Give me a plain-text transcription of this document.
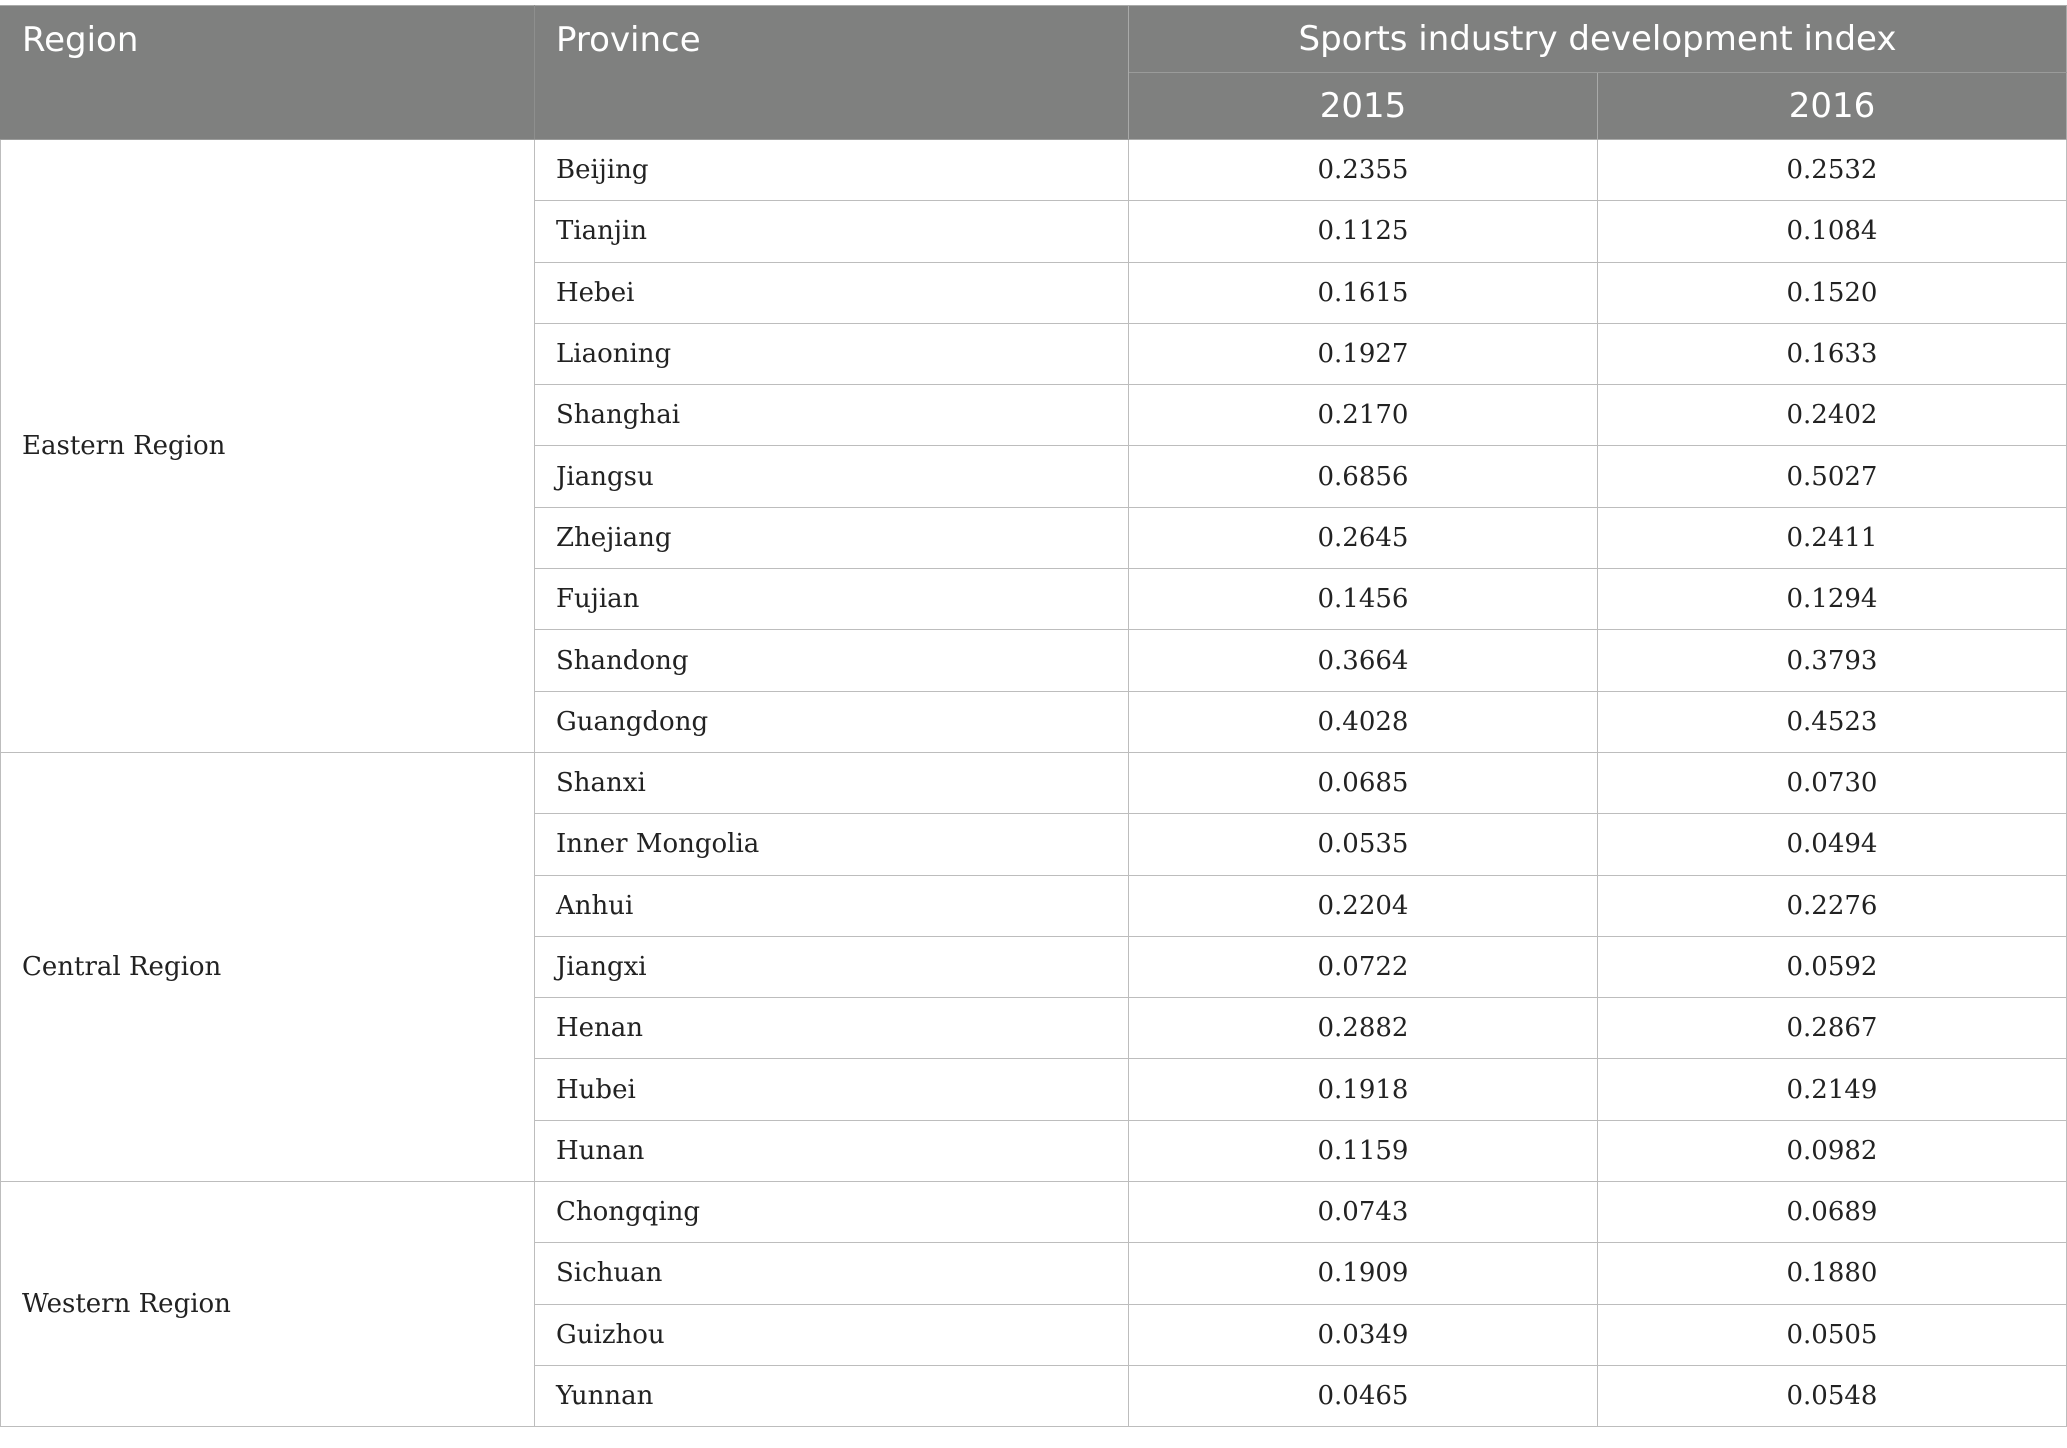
Region	Province	Sports industry development index	
		2015	2016
Eastern Region	Beijing	0.2355	0.2532
	Tianjin	0.1125	0.1084
	Hebei	0.1615	0.1520
	Liaoning	0.1927	0.1633
	Shanghai	0.2170	0.2402
	Jiangsu	0.6856	0.5027
	Zhejiang	0.2645	0.2411
	Fujian	0.1456	0.1294
	Shandong	0.3664	0.3793
	Guangdong	0.4028	0.4523
Central Region	Shanxi	0.0685	0.0730
	Inner Mongolia	0.0535	0.0494
	Anhui	0.2204	0.2276
	Jiangxi	0.0722	0.0592
	Henan	0.2882	0.2867
	Hubei	0.1918	0.2149
	Hunan	0.1159	0.0982
Western Region	Chongqing	0.0743	0.0689
	Sichuan	0.1909	0.1880
	Guizhou	0.0349	0.0505
	Yunnan	0.0465	0.0548
